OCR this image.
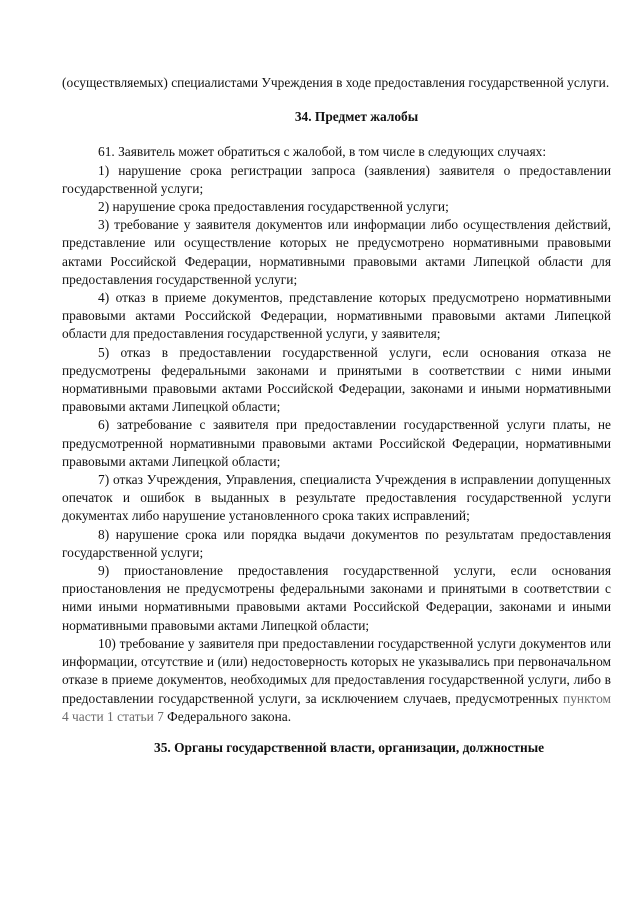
(осуществляемых) специалистами Учреждения в ходе предоставления государственной услуги.

34. Предмет жалобы

61. Заявитель может обратиться с жалобой, в том числе в следующих случаях:

1) нарушение срока регистрации запроса (заявления) заявителя о предоставлении государственной услуги;

2) нарушение срока предоставления государственной услуги;

3) требование у заявителя документов или информации либо осуществления действий, представление или осуществление которых не предусмотрено нормативными правовыми актами Российской Федерации, нормативными правовыми актами Липецкой области для предоставления государственной услуги;

4) отказ в приеме документов, представление которых предусмотрено нормативными правовыми актами Российской Федерации, нормативными правовыми актами Липецкой области для предоставления государственной услуги, у заявителя;

5) отказ в предоставлении государственной услуги, если основания отказа не предусмотрены федеральными законами и принятыми в соответствии с ними иными нормативными правовыми актами Российской Федерации, законами и иными нормативными правовыми актами Липецкой области;

6) затребование с заявителя при предоставлении государственной услуги платы, не предусмотренной нормативными правовыми актами Российской Федерации, нормативными правовыми актами Липецкой области;

7) отказ Учреждения, Управления, специалиста Учреждения в исправлении допущенных опечаток и ошибок в выданных в результате предоставления государственной услуги документах либо нарушение установленного срока таких исправлений;

8) нарушение срока или порядка выдачи документов по результатам предоставления государственной услуги;

9) приостановление предоставления государственной услуги, если основания приостановления не предусмотрены федеральными законами и принятыми в соответствии с ними иными нормативными правовыми актами Российской Федерации, законами и иными нормативными правовыми актами Липецкой области;

10) требование у заявителя при предоставлении государственной услуги документов или информации, отсутствие и (или) недостоверность которых не указывались при первоначальном отказе в приеме документов, необходимых для предоставления государственной услуги, либо в предоставлении государственной услуги, за исключением случаев, предусмотренных пунктом 4 части 1 статьи 7 Федерального закона.

35. Органы государственной власти, организации, должностные
